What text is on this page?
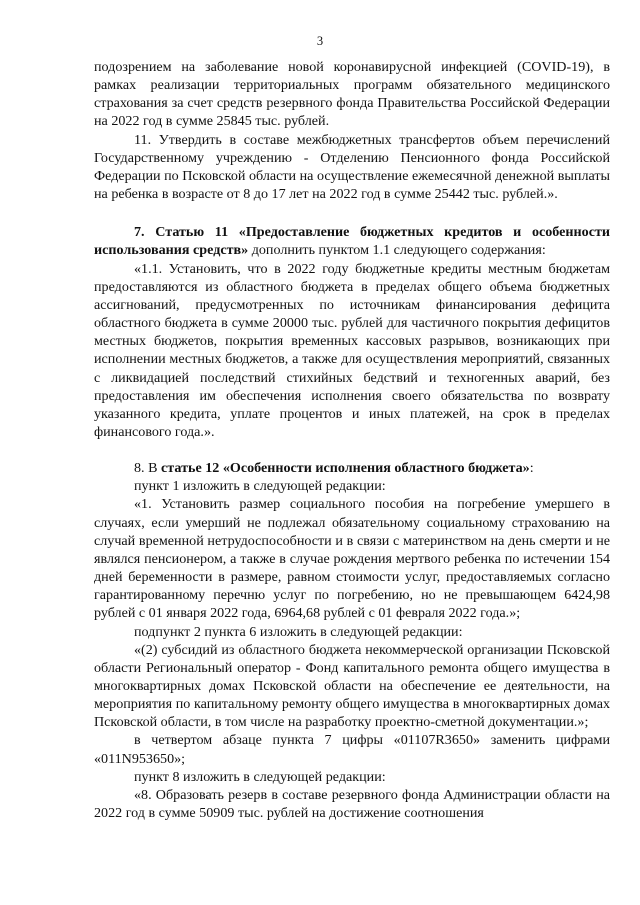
3

подозрением на заболевание новой коронавирусной инфекцией (COVID-19), в рамках реализации территориальных программ обязательного медицинского страхования за счет средств резервного фонда Правительства Российской Федерации на 2022 год в сумме 25845 тыс. рублей.

11. Утвердить в составе межбюджетных трансфертов объем перечислений Государственному учреждению - Отделению Пенсионного фонда Российской Федерации по Псковской области на осуществление ежемесячной денежной выплаты на ребенка в возрасте от 8 до 17 лет на 2022 год в сумме 25442 тыс. рублей.».

7. Статью 11 «Предоставление бюджетных кредитов и особенности использования средств» дополнить пунктом 1.1 следующего содержания:

«1.1. Установить, что в 2022 году бюджетные кредиты местным бюджетам предоставляются из областного бюджета в пределах общего объема бюджетных ассигнований, предусмотренных по источникам финансирования дефицита областного бюджета в сумме 20000 тыс. рублей для частичного покрытия дефицитов местных бюджетов, покрытия временных кассовых разрывов, возникающих при исполнении местных бюджетов, а также для осуществления мероприятий, связанных с ликвидацией последствий стихийных бедствий и техногенных аварий, без предоставления им обеспечения исполнения своего обязательства по возврату указанного кредита, уплате процентов и иных платежей, на срок в пределах финансового года.».

8. В статье 12 «Особенности исполнения областного бюджета»:

пункт 1 изложить в следующей редакции:

«1. Установить размер социального пособия на погребение умершего в случаях, если умерший не подлежал обязательному социальному страхованию на случай временной нетрудоспособности и в связи с материнством на день смерти и не являлся пенсионером, а также в случае рождения мертвого ребенка по истечении 154 дней беременности в размере, равном стоимости услуг, предоставляемых согласно гарантированному перечню услуг по погребению, но не превышающем 6424,98 рублей с 01 января 2022 года, 6964,68 рублей с 01 февраля 2022 года.»;

подпункт 2 пункта 6 изложить в следующей редакции:

«(2) субсидий из областного бюджета некоммерческой организации Псковской области Региональный оператор - Фонд капитального ремонта общего имущества в многоквартирных домах Псковской области на обеспечение ее деятельности, на мероприятия по капитальному ремонту общего имущества в многоквартирных домах Псковской области, в том числе на разработку проектно-сметной документации.»;

в четвертом абзаце пункта 7 цифры «01107R3650» заменить цифрами «011N953650»;

пункт 8 изложить в следующей редакции:

«8. Образовать резерв в составе резервного фонда Администрации области на 2022 год в сумме 50909 тыс. рублей на достижение соотношения
